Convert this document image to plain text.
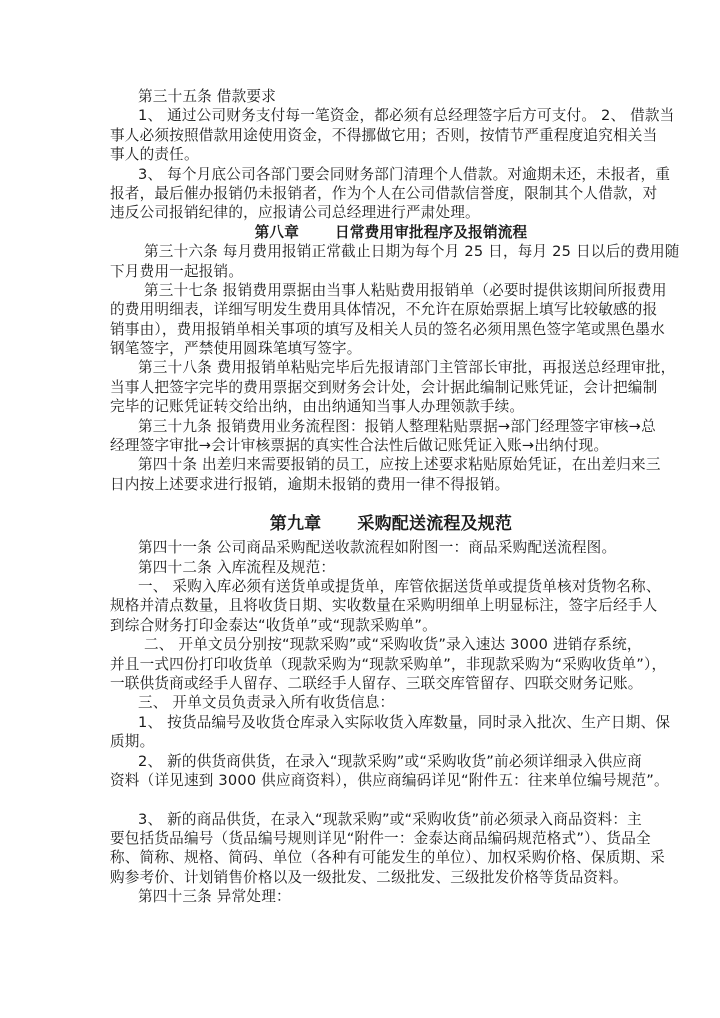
第三十五条 借款要求
1、 通过公司财务支付每一笔资金，都必须有总经理签字后方可支付。 2、 借款当
事人必须按照借款用途使用资金，不得挪做它用；否则，按情节严重程度追究相关当
事人的责任。
3、 每个月底公司各部门要会同财务部门清理个人借款。对逾期未还，未报者，重
报者，最后催办报销仍未报销者，作为个人在公司借款信誉度，限制其个人借款，对
违反公司报销纪律的，应报请公司总经理进行严肃处理。
第八章 日常费用审批程序及报销流程
第三十六条 每月费用报销正常截止日期为每个月 25 日，每月 25 日以后的费用随
下月费用一起报销。
第三十七条 报销费用票据由当事人粘贴费用报销单（必要时提供该期间所报费用
的费用明细表，详细写明发生费用具体情况，不允许在原始票据上填写比较敏感的报
销事由），费用报销单相关事项的填写及相关人员的签名必须用黑色签字笔或黑色墨水
钢笔签字，严禁使用圆珠笔填写签字。
第三十八条 费用报销单粘贴完毕后先报请部门主管部长审批，再报送总经理审批，
当事人把签字完毕的费用票据交到财务会计处，会计据此编制记账凭证，会计把编制
完毕的记账凭证转交给出纳，由出纳通知当事人办理领款手续。
第三十九条 报销费用业务流程图：报销人整理粘贴票据→部门经理签字审核→总
经理签字审批→会计审核票据的真实性合法性后做记账凭证入账→出纳付现。
第四十条 出差归来需要报销的员工，应按上述要求粘贴原始凭证，在出差归来三
日内按上述要求进行报销，逾期未报销的费用一律不得报销。
第九章 采购配送流程及规范
第四十一条 公司商品采购配送收款流程如附图一：商品采购配送流程图。
第四十二条 入库流程及规范：
一、 采购入库必须有送货单或提货单，库管依据送货单或提货单核对货物名称、
规格并清点数量，且将收货日期、实收数量在采购明细单上明显标注，签字后经手人
到综合财务打印金泰达“收货单”或“现款采购单”。
二、 开单文员分别按“现款采购”或“采购收货”录入速达 3000 进销存系统，
并且一式四份打印收货单（现款采购为“现款采购单”，非现款采购为“采购收货单”），
一联供货商或经手人留存、二联经手人留存、三联交库管留存、四联交财务记账。
三、 开单文员负责录入所有收货信息：
1、 按货品编号及收货仓库录入实际收货入库数量，同时录入批次、生产日期、保
质期。
2、 新的供货商供货，在录入“现款采购”或“采购收货”前必须详细录入供应商
资料（详见速到 3000 供应商资料），供应商编码详见“附件五：往来单位编号规范”。
3、 新的商品供货，在录入“现款采购”或“采购收货”前必须录入商品资料：主
要包括货品编号（货品编号规则详见“附件一：金泰达商品编码规范格式”）、货品全
称、简称、规格、简码、单位（各种有可能发生的单位）、加权采购价格、保质期、采
购参考价、计划销售价格以及一级批发、二级批发、三级批发价格等货品资料。
第四十三条 异常处理：
